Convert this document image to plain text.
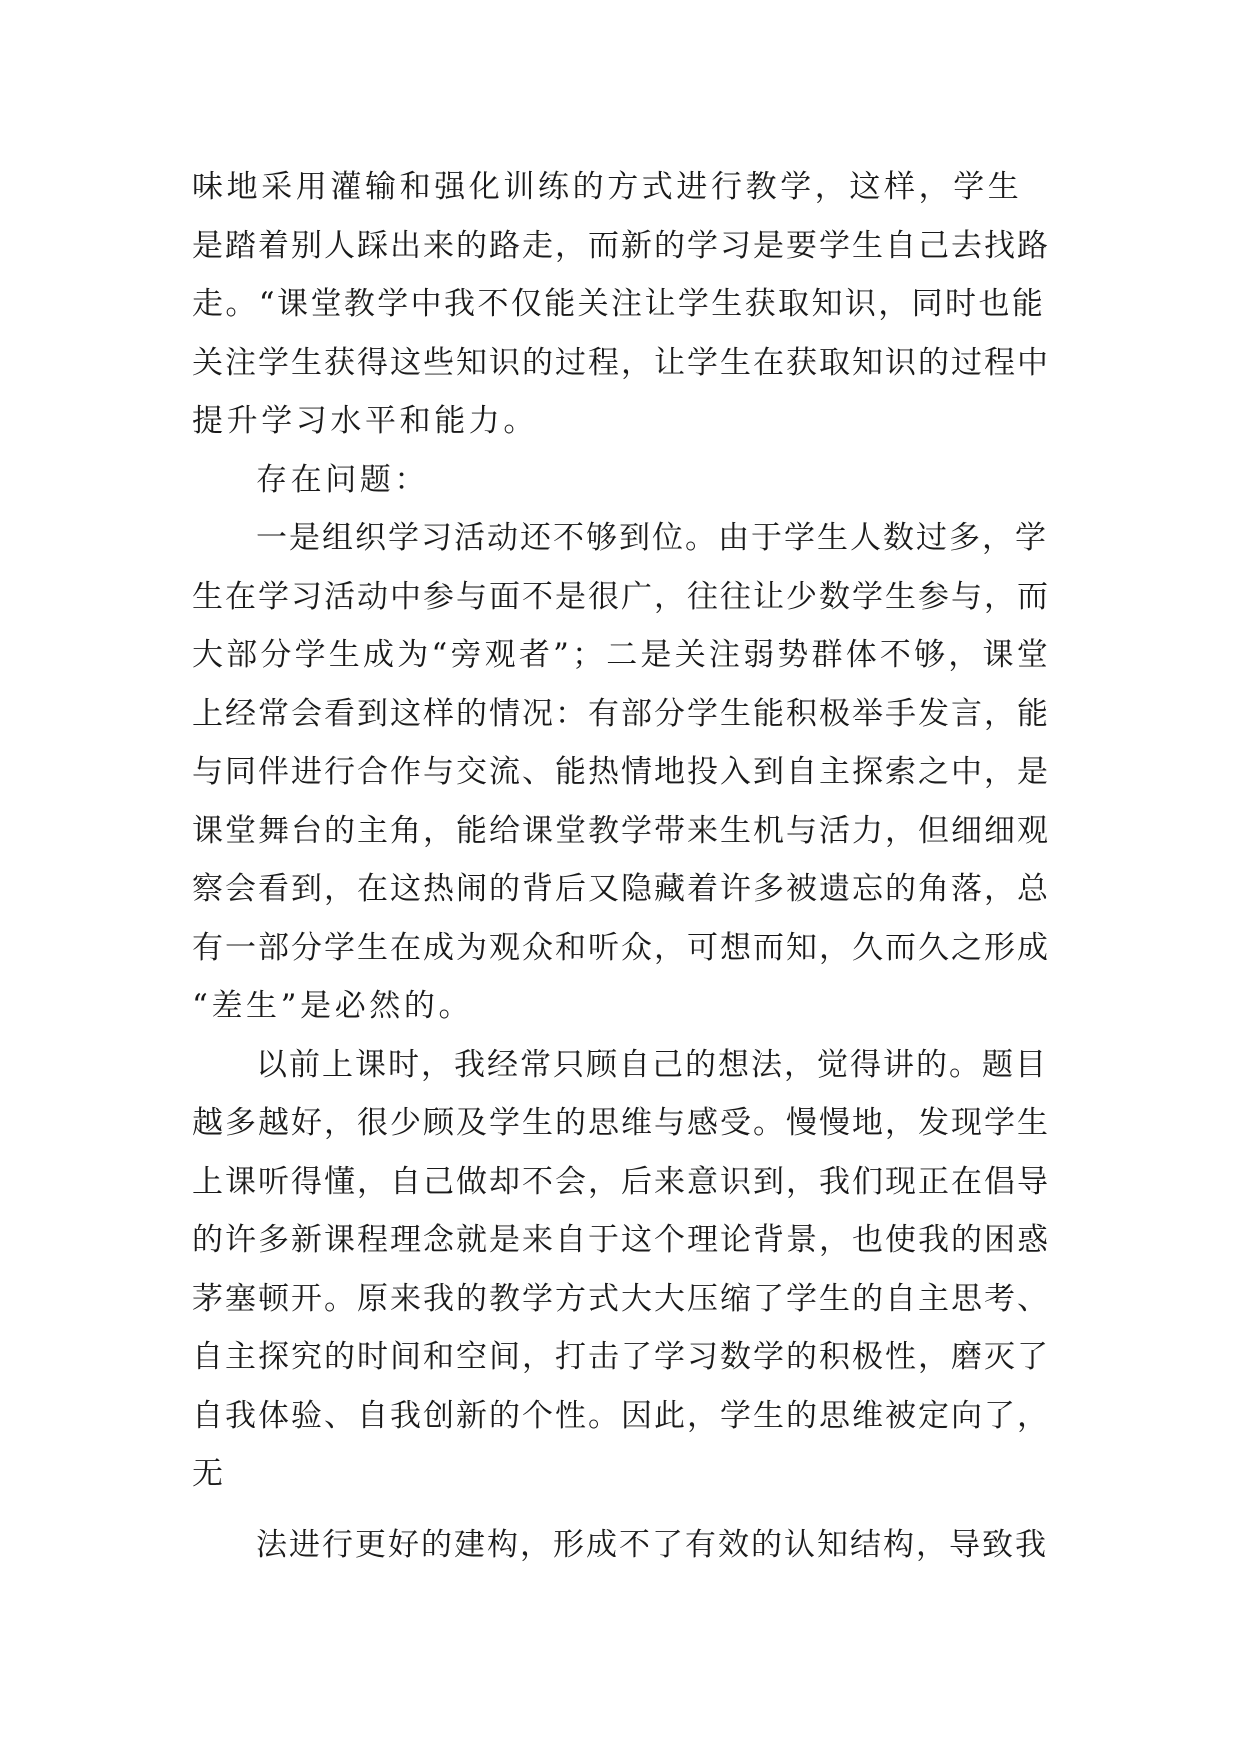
味地采用灌输和强化训练的方式进行教学，这样，学生
是踏着别人踩出来的路走，而新的学习是要学生自己去找路
走。“课堂教学中我不仅能关注让学生获取知识，同时也能
关注学生获得这些知识的过程，让学生在获取知识的过程中
提升学习水平和能力。
存在问题：
一是组织学习活动还不够到位。由于学生人数过多，学
生在学习活动中参与面不是很广，往往让少数学生参与，而
大部分学生成为“旁观者”；二是关注弱势群体不够，课堂
上经常会看到这样的情况：有部分学生能积极举手发言，能
与同伴进行合作与交流、能热情地投入到自主探索之中，是
课堂舞台的主角，能给课堂教学带来生机与活力，但细细观
察会看到，在这热闹的背后又隐藏着许多被遗忘的角落，总
有一部分学生在成为观众和听众，可想而知，久而久之形成
“差生”是必然的。
以前上课时，我经常只顾自己的想法，觉得讲的。题目
越多越好，很少顾及学生的思维与感受。慢慢地，发现学生
上课听得懂，自己做却不会，后来意识到，我们现正在倡导
的许多新课程理念就是来自于这个理论背景，也使我的困惑
茅塞顿开。原来我的教学方式大大压缩了学生的自主思考、
自主探究的时间和空间，打击了学习数学的积极性，磨灭了
自我体验、自我创新的个性。因此，学生的思维被定向了，
无
法进行更好的建构，形成不了有效的认知结构，导致我
